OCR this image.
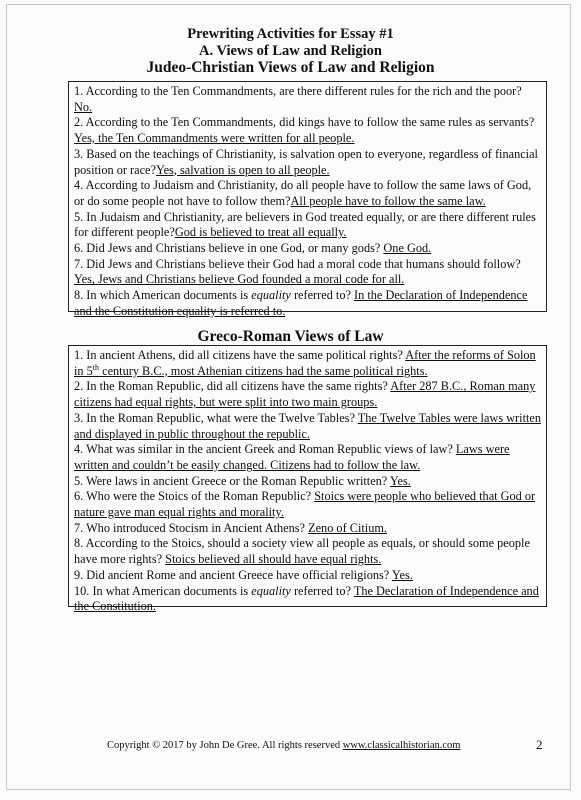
Prewriting Activities for Essay #1
A. Views of Law and Religion
Judeo-Christian Views of Law and Religion

1. According to the Ten Commandments, are there different rules for the rich and the poor? No.

2. According to the Ten Commandments, did kings have to follow the same rules as servants?Yes, the Ten Commandments were written for all people.

3. Based on the teachings of Christianity, is salvation open to everyone, regardless of financial position or race?Yes, salvation is open to all people.

4. According to Judaism and Christianity, do all people have to follow the same laws of God, or do some people not have to follow them?All people have to follow the same law.

5. In Judaism and Christianity, are believers in God treated equally, or are there different rules for different people?God is believed to treat all equally.

6. Did Jews and Christians believe in one God, or many gods? One God.

7. Did Jews and Christians believe their God had a moral code that humans should follow? Yes, Jews and Christians believe God founded a moral code for all.

8. In which American documents is equality referred to? In the Declaration of Independence and the Constitution equality is referred to.

Greco-Roman Views of Law

1. In ancient Athens, did all citizens have the same political rights? After the reforms of Solon in 5th century B.C., most Athenian citizens had the same political rights.

2. In the Roman Republic, did all citizens have the same rights? After 287 B.C., Roman many citizens had equal rights, but were split into two main groups.

3. In the Roman Republic, what were the Twelve Tables? The Twelve Tables were laws written and displayed in public throughout the republic.

4. What was similar in the ancient Greek and Roman Republic views of law? Laws were written and couldn’t be easily changed. Citizens had to follow the law.

5. Were laws in ancient Greece or the Roman Republic written? Yes.

6. Who were the Stoics of the Roman Republic? Stoics were people who believed that God or nature gave man equal rights and morality.

7. Who introduced Stocism in Ancient Athens? Zeno of Citium.

8. According to the Stoics, should a society view all people as equals, or should some people have more rights? Stoics believed all should have equal rights.

9. Did ancient Rome and ancient Greece have official religions? Yes.

10. In what American documents is equality referred to? The Declaration of Independence and the Constitution.

Copyright © 2017 by John De Gree. All rights reserved www.classicalhistorian.com	2
